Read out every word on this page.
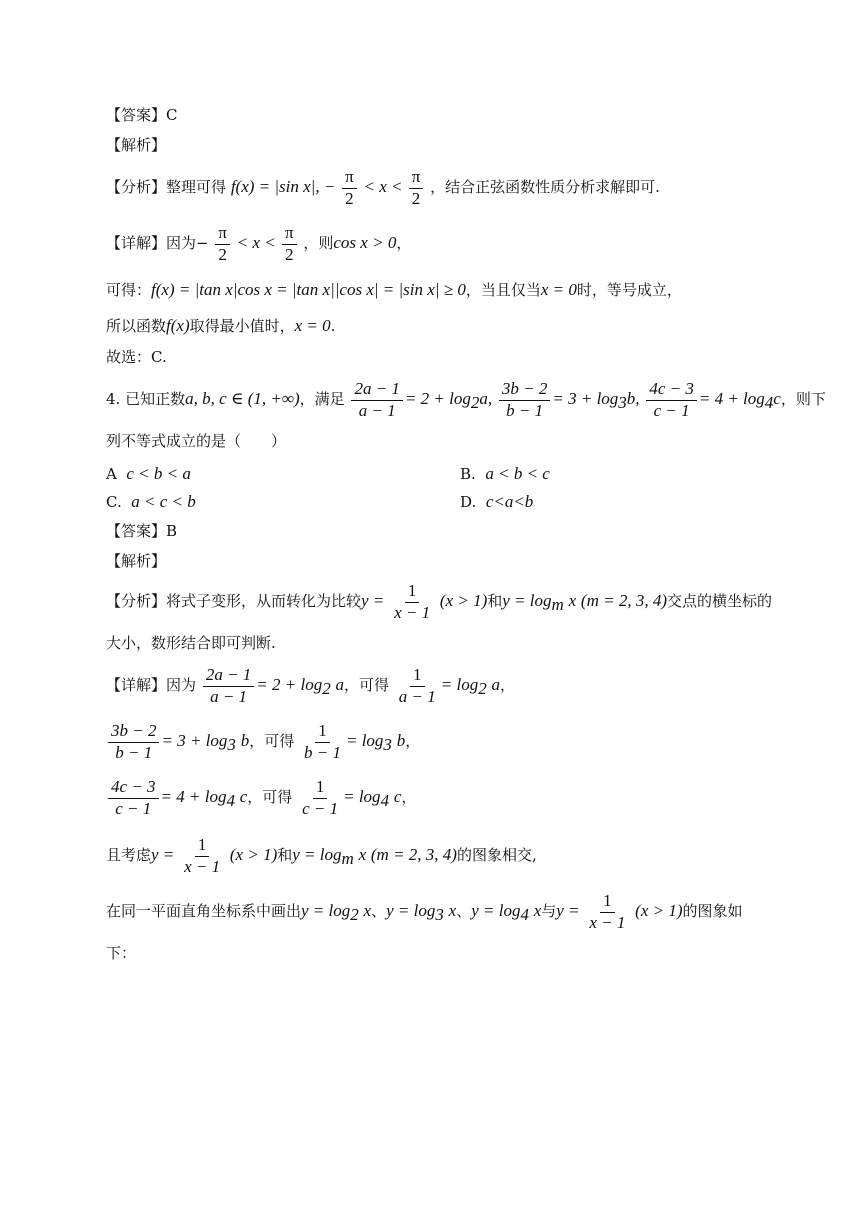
【答案】C
【解析】
【分析】整理可得 f(x) = |sin x|, − $\frac{\pi}{2} < x < \frac{\pi}{2}$ ，结合正弦函数性质分析求解即可.
【详解】因为− $\frac{\pi}{2} < x < \frac{\pi}{2}$ ，则cos x > 0，
可得：f(x) = |tan x|cos x = |tan x||cos x| = |sin x| ≥ 0，当且仅当x = 0时，等号成立，
所以函数f(x)取得最小值时，x = 0.
故选：C.
4. 已知正数a, b, c ∈ (1, +∞)，满足 $\frac{2a - 1}{a - 1} = 2 + \log_2a$, $\frac{3b - 2}{b - 1} = 3 + \log_3b$, $\frac{4c - 3}{c - 1} = 4 + \log_4c$，则下
列不等式成立的是（　　）
A c < b < a	B. a < b < c
C. a < c < b	D. c<a<b
【答案】B
【解析】
【分析】将式子变形，从而转化为比较$y = \frac{1}{x - 1} (x > 1)$和$y = \log_m x$ (m = 2, 3, 4)交点的横坐标的
大小，数形结合即可判断.
【详解】因为 $\frac{2a - 1}{a - 1} = 2 + \log_2 a$，可得 $\frac{1}{a - 1} = \log_2 a$，
$\frac{3b - 2}{b - 1} = 3 + \log_3 b$，可得 $\frac{1}{b - 1} = \log_3 b$，
$\frac{4c - 3}{c - 1} = 4 + \log_4 c$，可得 $\frac{1}{c - 1} = \log_4 c$，
且考虑$y = \frac{1}{x - 1} (x > 1)$和$y = \log_m x$ (m = 2, 3, 4)的图象相交,
在同一平面直角坐标系中画出$y = \log_2 x$、$y = \log_3 x$、$y = \log_4 x$与$y = \frac{1}{x - 1} (x > 1)$的图象如
下：
